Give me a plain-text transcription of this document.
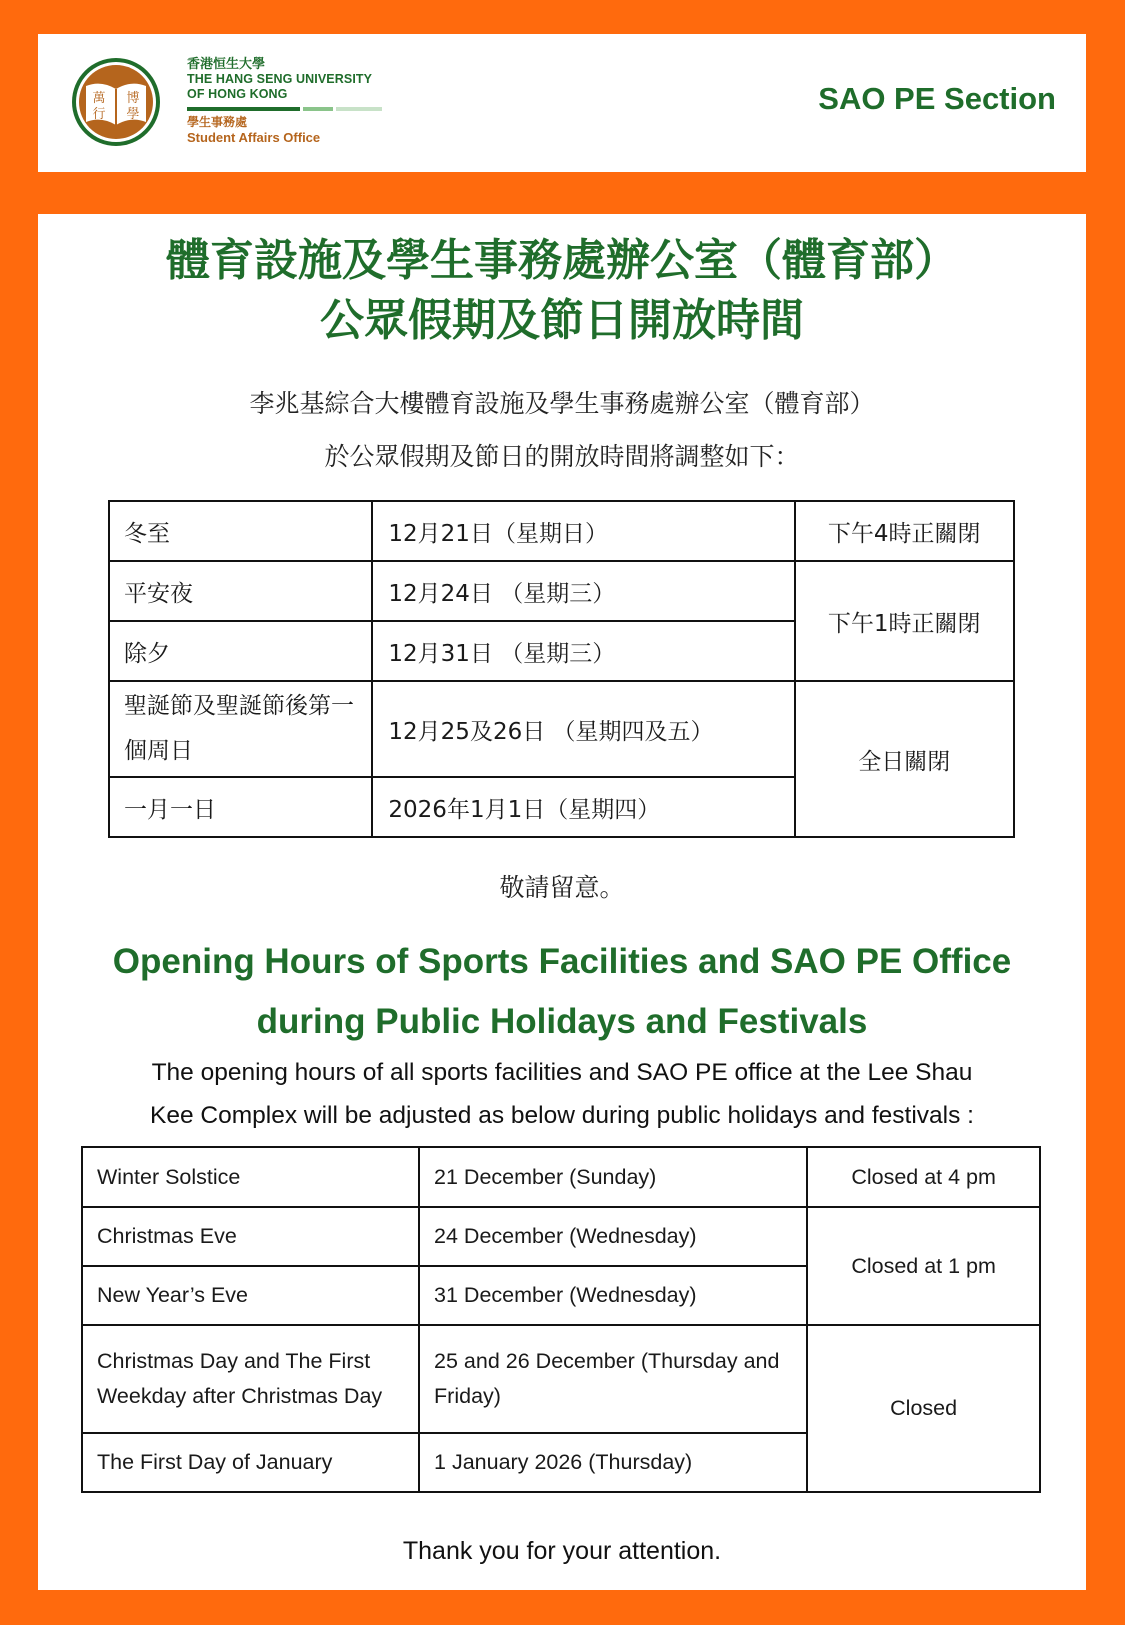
萬 博
行 學
香港恒生大學
THE HANG SENG UNIVERSITY
OF HONG KONG
學生事務處
Student Affairs Office
SAO PE Section
體育設施及學生事務處辦公室（體育部）
公眾假期及節日開放時間
李兆基綜合大樓體育設施及學生事務處辦公室（體育部）
於公眾假期及節日的開放時間將調整如下：
冬至	12月21日（星期日）	下午4時正關閉
平安夜	12月24日 （星期三）	下午1時正關閉
除夕	12月31日 （星期三）	
聖誕節及聖誕節後第一個周日	12月25及26日 （星期四及五）	全日關閉
一月一日	2026年1月1日（星期四）	
敬請留意。
Opening Hours of Sports Facilities and SAO PE Office
during Public Holidays and Festivals
The opening hours of all sports facilities and SAO PE office at the Lee Shau
Kee Complex will be adjusted as below during public holidays and festivals :
Winter Solstice	21 December (Sunday)	Closed at 4 pm
Christmas Eve	24 December (Wednesday)	Closed at 1 pm
New Year’s Eve	31 December (Wednesday)	
Christmas Day and The First Weekday after Christmas Day	25 and 26 December (Thursday and Friday)	Closed
The First Day of January	1 January 2026 (Thursday)	
Thank you for your attention.
